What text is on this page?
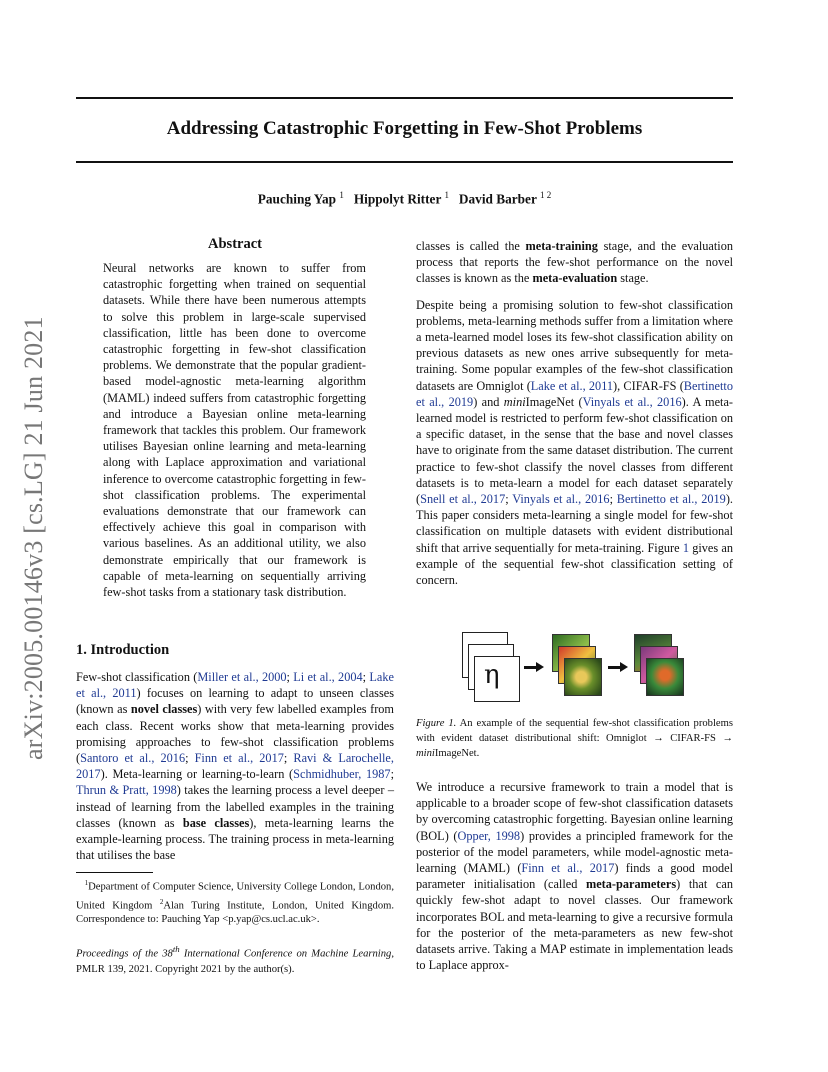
Addressing Catastrophic Forgetting in Few-Shot Problems
Pauching Yap $^1$ Hippolyt Ritter $^1$ David Barber $^{1 2}$
arXiv:2005.00146v3 [cs.LG] 21 Jun 2021
Abstract

Neural networks are known to suffer from catastrophic forgetting when trained on sequential datasets. While there have been numerous attempts to solve this problem in large-scale supervised classification, little has been done to overcome catastrophic forgetting in few-shot classification problems. We demonstrate that the popular gradient-based model-agnostic meta-learning algorithm (MAML) indeed suffers from catastrophic forgetting and introduce a Bayesian online meta-learning framework that tackles this problem. Our framework utilises Bayesian online learning and meta-learning along with Laplace approximation and variational inference to overcome catastrophic forgetting in few-shot classification problems. The experimental evaluations demonstrate that our framework can effectively achieve this goal in comparison with various baselines. As an additional utility, we also demonstrate empirically that our framework is capable of meta-learning on sequentially arriving few-shot tasks from a stationary task distribution.

1. Introduction

Few-shot classification (Miller et al., 2000; Li et al., 2004; Lake et al., 2011) focuses on learning to adapt to unseen classes (known as novel classes) with very few labelled examples from each class. Recent works show that meta-learning provides promising approaches to few-shot classification problems (Santoro et al., 2016; Finn et al., 2017; Ravi & Larochelle, 2017). Meta-learning or learning-to-learn (Schmidhuber, 1987; Thrun & Pratt, 1998) takes the learning process a level deeper – instead of learning from the labelled examples in the training classes (known as base classes), meta-learning learns the example-learning process. The training process in meta-learning that utilises the base

$^1$Department of Computer Science, University College London, London, United Kingdom $^2$Alan Turing Institute, London, United Kingdom. Correspondence to: Pauching Yap <p.yap@cs.ucl.ac.uk>.
Proceedings of the 38th International Conference on Machine Learning, PMLR 139, 2021. Copyright 2021 by the author(s).

classes is called the meta-training stage, and the evaluation process that reports the few-shot performance on the novel classes is known as the meta-evaluation stage.

Despite being a promising solution to few-shot classification problems, meta-learning methods suffer from a limitation where a meta-learned model loses its few-shot classification ability on previous datasets as new ones arrive subsequently for meta-training. Some popular examples of the few-shot classification datasets are Omniglot (Lake et al., 2011), CIFAR-FS (Bertinetto et al., 2019) and miniImageNet (Vinyals et al., 2016). A meta-learned model is restricted to perform few-shot classification on a specific dataset, in the sense that the base and novel classes have to originate from the same dataset distribution. The current practice to few-shot classify the novel classes from different datasets is to meta-learn a model for each dataset separately (Snell et al., 2017; Vinyals et al., 2016; Bertinetto et al., 2019). This paper considers meta-learning a single model for few-shot classification on multiple datasets with evident distributional shift that arrive sequentially for meta-training. Figure 1 gives an example of the sequential few-shot classification setting of concern.

η
Figure 1. An example of the sequential few-shot classification problems with evident dataset distributional shift: Omniglot → CIFAR-FS → miniImageNet.

We introduce a recursive framework to train a model that is applicable to a broader scope of few-shot classification datasets by overcoming catastrophic forgetting. Bayesian online learning (BOL) (Opper, 1998) provides a principled framework for the posterior of the model parameters, while model-agnostic meta-learning (MAML) (Finn et al., 2017) finds a good model parameter initialisation (called meta-parameters) that can quickly few-shot adapt to novel classes. Our framework incorporates BOL and meta-learning to give a recursive formula for the posterior of the meta-parameters as new few-shot datasets arrive. Taking a MAP estimate in implementation leads to Laplace approx-
